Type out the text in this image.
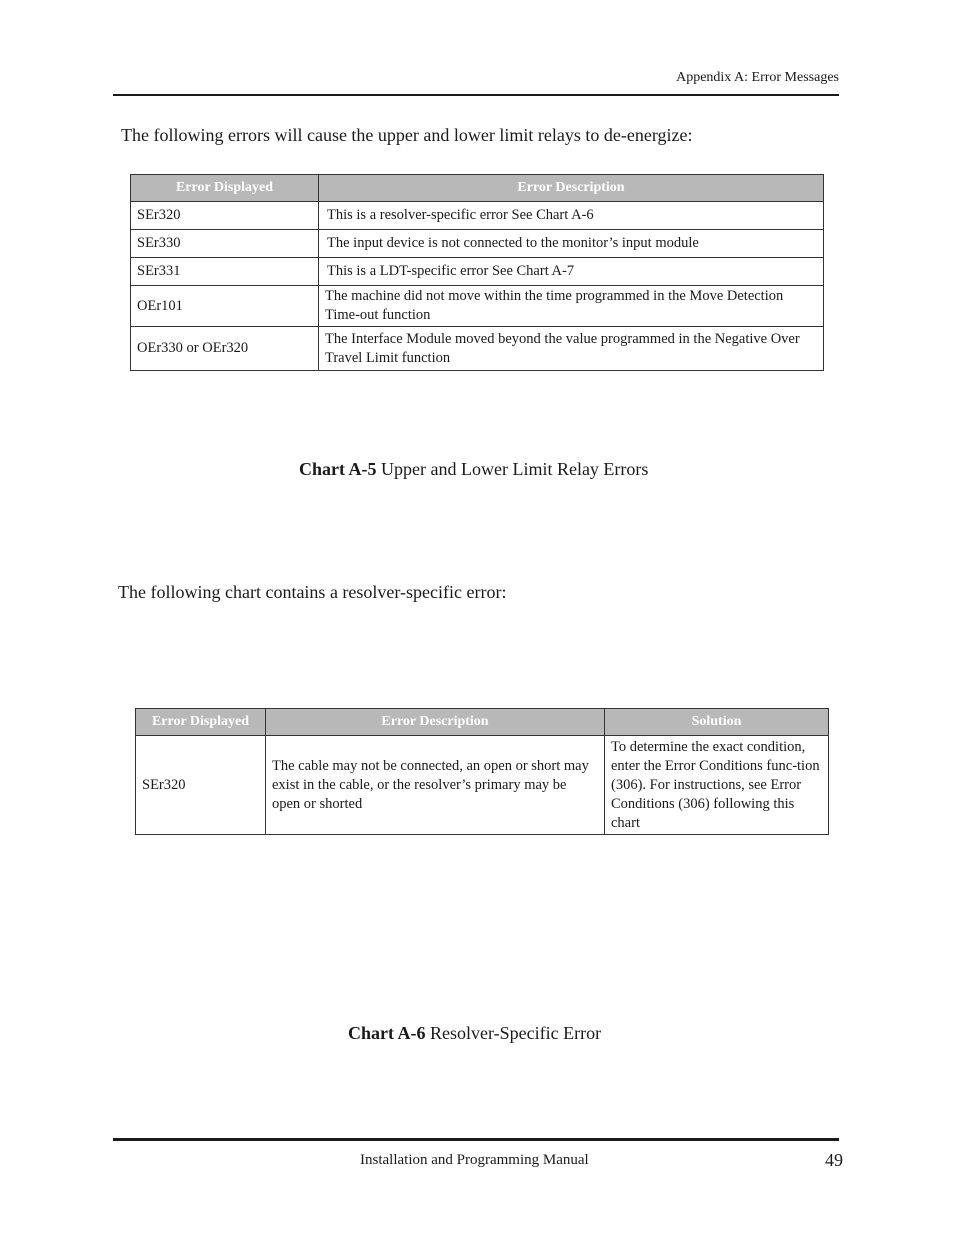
Appendix A: Error Messages
The following errors will cause the upper and lower limit relays to de-energize:
Error Displayed	Error Description
SEr320	This is a resolver-specific error See Chart A-6
SEr330	The input device is not connected to the monitor’s input module
SEr331	This is a LDT-specific error See Chart A-7
OEr101	The machine did not move within the time programmed in the Move Detection Time-out function
OEr330 or OEr320	The Interface Module moved beyond the value programmed in the Negative Over Travel Limit function
Chart A-5 Upper and Lower Limit Relay Errors
The following chart contains a resolver-specific error:
Error Displayed	Error Description	Solution
SEr320	The cable may not be connected, an open or short may exist in the cable, or the resolver’s primary may be open or shorted	To determine the exact condition, enter the Error Conditions func-tion (306). For instructions, see Error Conditions (306) following this chart
Chart A-6 Resolver-Specific Error
Installation and Programming Manual	49
